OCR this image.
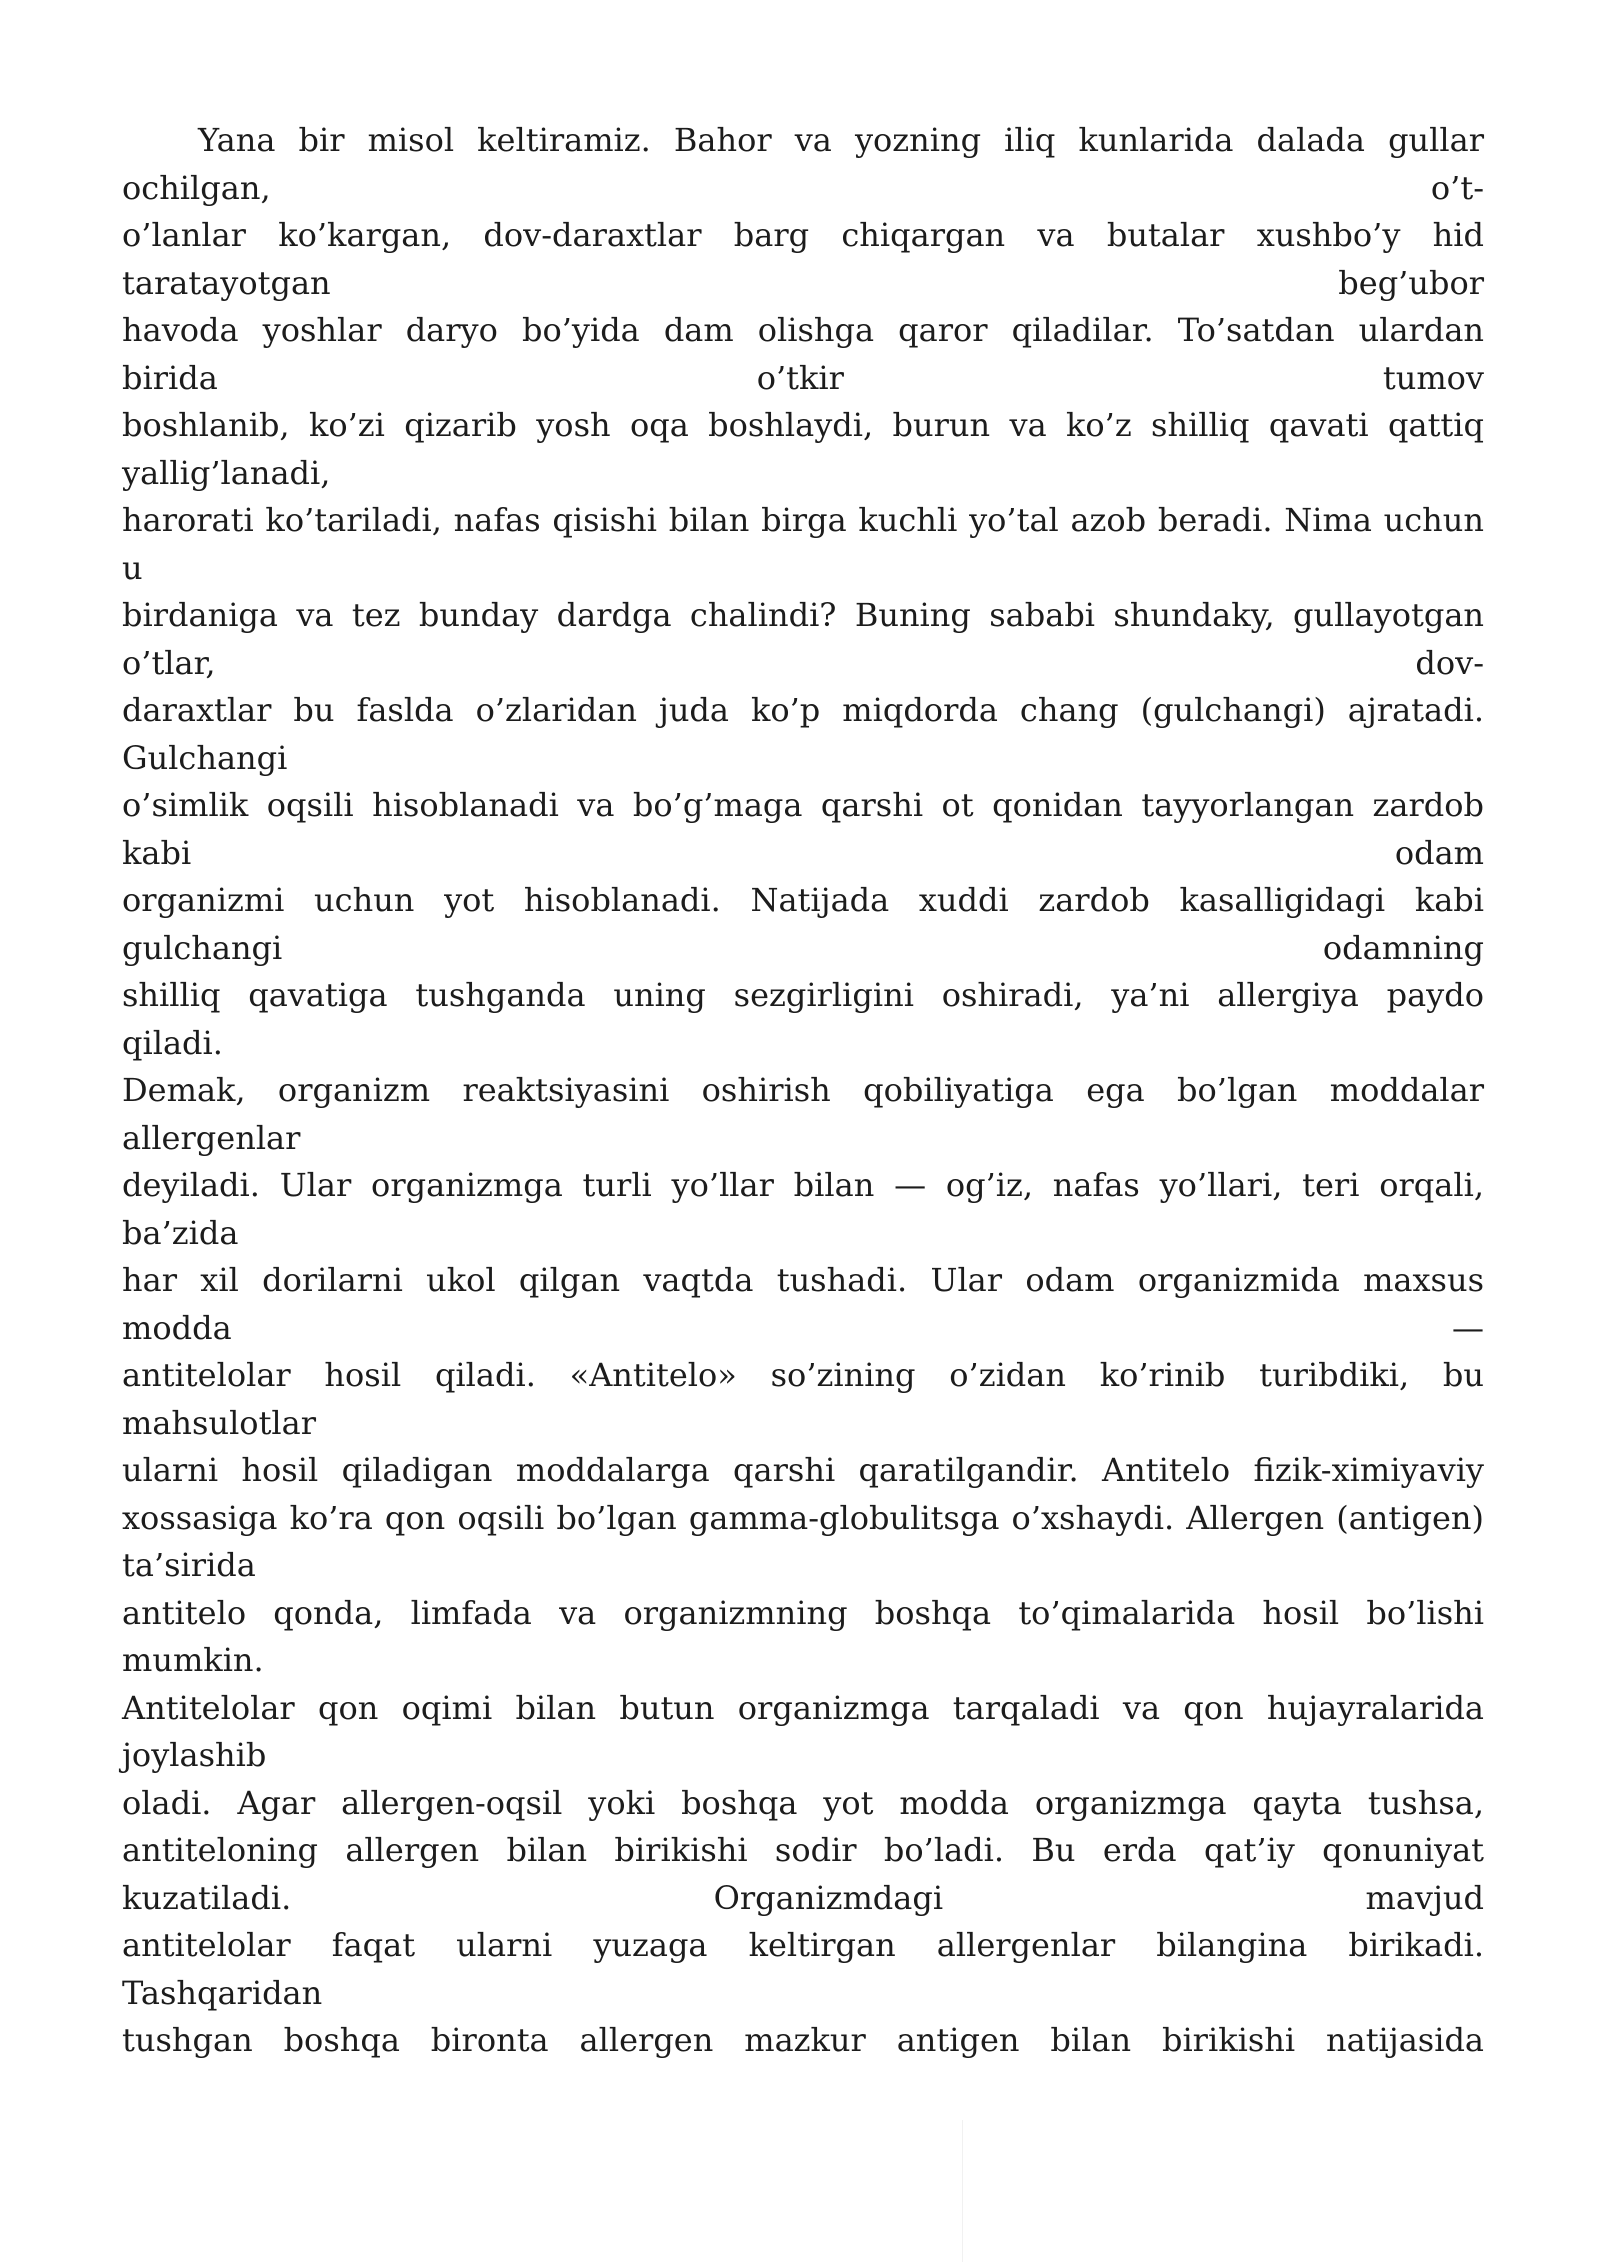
Yana bir misol keltiramiz. Bahor va yozning iliq kunlarida dalada gullar
ochilgan, o’t-
o’lanlar ko’kargan, dov-daraxtlar barg chiqargan va butalar xushbo’y hid
taratayotgan beg’ubor
havoda yoshlar daryo bo’yida dam olishga qaror qiladilar. To’satdan ulardan
birida o’tkir tumov
boshlanib, ko’zi qizarib yosh oqa boshlaydi, burun va ko’z shilliq qavati qattiq
yallig’lanadi,
harorati ko’tariladi, nafas qisishi bilan birga kuchli yo’tal azob beradi. Nima uchun
u
birdaniga va tez bunday dardga chalindi? Buning sababi shundaky, gullayotgan
o’tlar, dov-
daraxtlar bu faslda o’zlaridan juda ko’p miqdorda chang (gulchangi) ajratadi.
Gulchangi
o’simlik oqsili hisoblanadi va bo’g’maga qarshi ot qonidan tayyorlangan zardob
kabi odam
organizmi uchun yot hisoblanadi. Natijada xuddi zardob kasalligidagi kabi
gulchangi odamning
shilliq qavatiga tushganda uning sezgirligini oshiradi, ya’ni allergiya paydo
qiladi.
Demak, organizm reaktsiyasini oshirish qobiliyatiga ega bo’lgan moddalar
allergenlar
deyiladi. Ular organizmga turli yo’llar bilan — og’iz, nafas yo’llari, teri orqali,
ba’zida
har xil dorilarni ukol qilgan vaqtda tushadi. Ular odam organizmida maxsus
modda —
antitelolar hosil qiladi. «Antitelo» so’zining o’zidan ko’rinib turibdiki, bu
mahsulotlar
ularni hosil qiladigan moddalarga qarshi qaratilgandir. Antitelo fizik-ximiyaviy
xossasiga ko’ra qon oqsili bo’lgan gamma-globulitsga o’xshaydi. Allergen (antigen)
ta’sirida
antitelo qonda, limfada va organizmning boshqa to’qimalarida hosil bo’lishi
mumkin.
Antitelolar qon oqimi bilan butun organizmga tarqaladi va qon hujayralarida
joylashib
oladi. Agar allergen-oqsil yoki boshqa yot modda organizmga qayta tushsa,
antiteloning allergen bilan birikishi sodir bo’ladi. Bu erda qat’iy qonuniyat
kuzatiladi. Organizmdagi mavjud
antitelolar faqat ularni yuzaga keltirgan allergenlar bilangina birikadi.
Tashqaridan
tushgan boshqa bironta allergen mazkur antigen bilan birikishi natijasida
